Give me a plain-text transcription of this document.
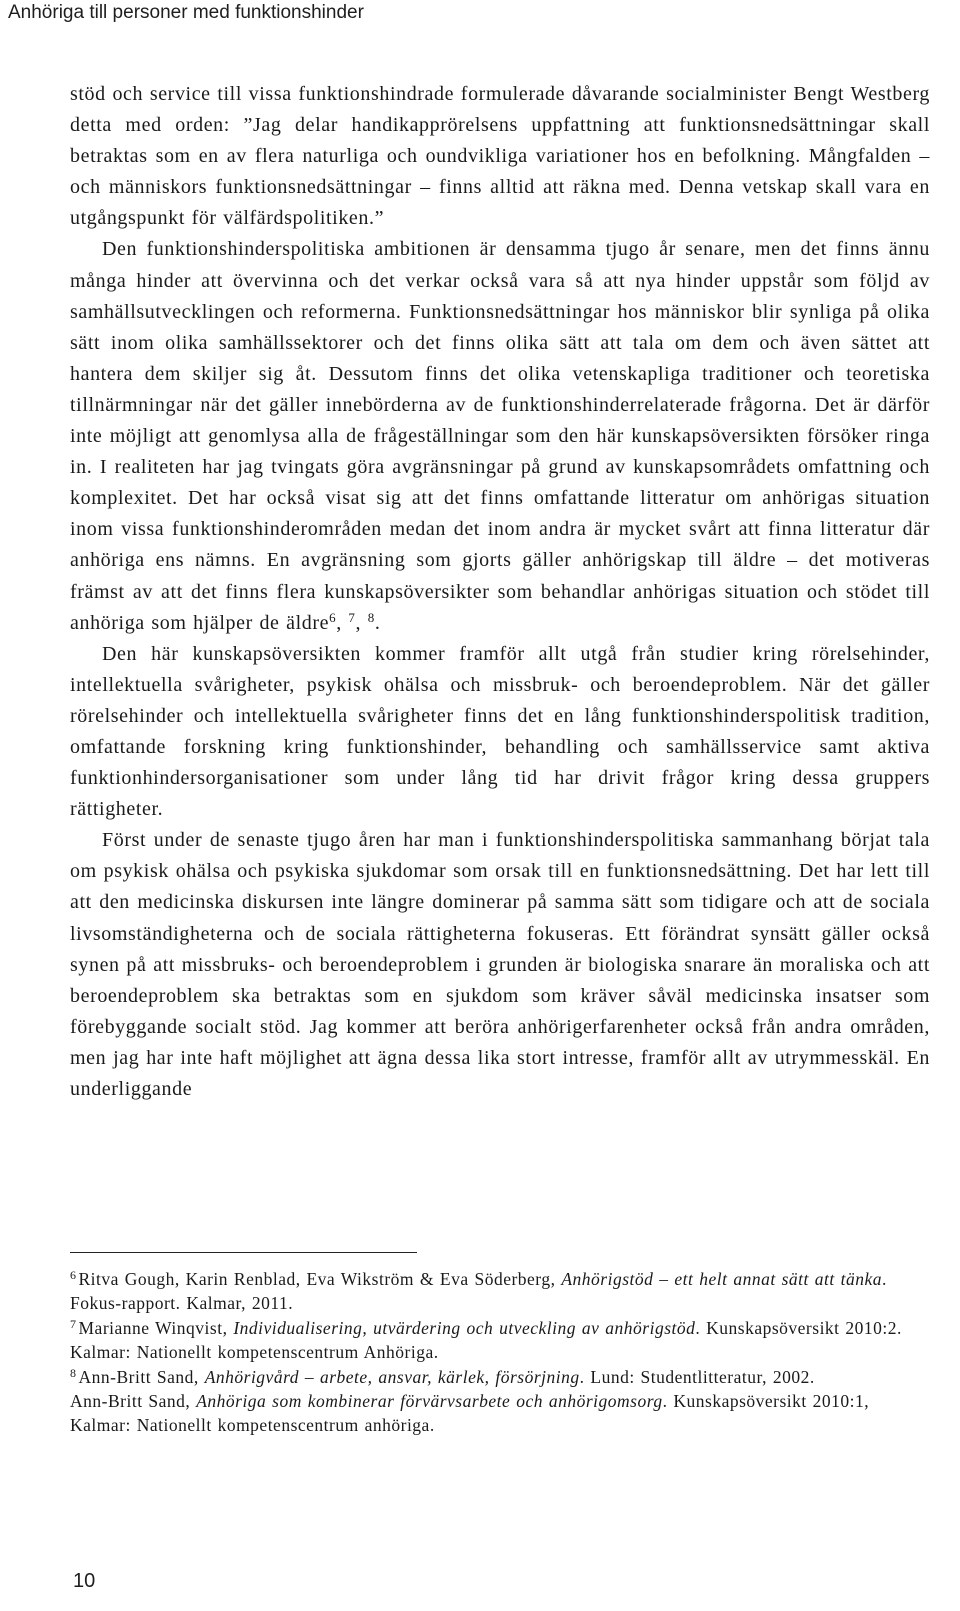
Anhöriga till personer med funktionshinder

stöd och service till vissa funktionshindrade formulerade dåvarande socialminister Bengt Westberg detta med orden: ”Jag delar handikapprörelsens uppfattning att funktionsnedsättningar skall betraktas som en av flera naturliga och oundvikliga variationer hos en befolkning. Mångfalden – och människors funktionsnedsättningar – finns alltid att räkna med. Denna vetskap skall vara en utgångspunkt för välfärdspolitiken.”

Den funktionshinderspolitiska ambitionen är densamma tjugo år senare, men det finns ännu många hinder att övervinna och det verkar också vara så att nya hinder uppstår som följd av samhällsutvecklingen och reformerna. Funktionsnedsättningar hos människor blir synliga på olika sätt inom olika samhällssektorer och det finns olika sätt att tala om dem och även sättet att hantera dem skiljer sig åt. Dessutom finns det olika vetenskapliga traditioner och teoretiska tillnärmningar när det gäller innebörderna av de funktionshinderrelaterade frågorna. Det är därför inte möjligt att genomlysa alla de frågeställningar som den här kunskapsöversikten försöker ringa in. I realiteten har jag tvingats göra avgränsningar på grund av kunskapsområdets omfattning och komplexitet. Det har också visat sig att det finns omfattande litteratur om anhörigas situation inom vissa funktionshinderområden medan det inom andra är mycket svårt att finna litteratur där anhöriga ens nämns. En avgränsning som gjorts gäller anhörigskap till äldre – det motiveras främst av att det finns flera kunskapsöversikter som behandlar anhörigas situation och stödet till anhöriga som hjälper de äldre$^6$, $^7$, $^8$.

Den här kunskapsöversikten kommer framför allt utgå från studier kring rörelsehinder, intellektuella svårigheter, psykisk ohälsa och missbruk- och beroendeproblem. När det gäller rörelsehinder och intellektuella svårigheter finns det en lång funktionshinderspolitisk tradition, omfattande forskning kring funktionshinder, behandling och samhällsservice samt aktiva funktionhindersorganisationer som under lång tid har drivit frågor kring dessa gruppers rättigheter.

Först under de senaste tjugo åren har man i funktionshinderspolitiska sammanhang börjat tala om psykisk ohälsa och psykiska sjukdomar som orsak till en funktionsnedsättning. Det har lett till att den medicinska diskursen inte längre dominerar på samma sätt som tidigare och att de sociala livsomständigheterna och de sociala rättigheterna fokuseras. Ett förändrat synsätt gäller också synen på att missbruks- och beroendeproblem i grunden är biologiska snarare än moraliska och att beroendeproblem ska betraktas som en sjukdom som kräver såväl medicinska insatser som förebyggande socialt stöd. Jag kommer att beröra anhörigerfarenheter också från andra områden, men jag har inte haft möjlighet att ägna dessa lika stort intresse, framför allt av utrymmesskäl. En underliggande

$^6$ Ritva Gough, Karin Renblad, Eva Wikström & Eva Söderberg, Anhörigstöd – ett helt annat sätt att tänka. Fokus-rapport. Kalmar, 2011.

$^7$ Marianne Winqvist, Individualisering, utvärdering och utveckling av anhörigstöd. Kunskapsöversikt 2010:2. Kalmar: Nationellt kompetenscentrum Anhöriga.

$^8$ Ann-Britt Sand, Anhörigvård – arbete, ansvar, kärlek, försörjning. Lund: Studentlitteratur, 2002.

Ann-Britt Sand, Anhöriga som kombinerar förvärvsarbete och anhörigomsorg. Kunskapsöversikt 2010:1, Kalmar: Nationellt kompetenscentrum anhöriga.

10
